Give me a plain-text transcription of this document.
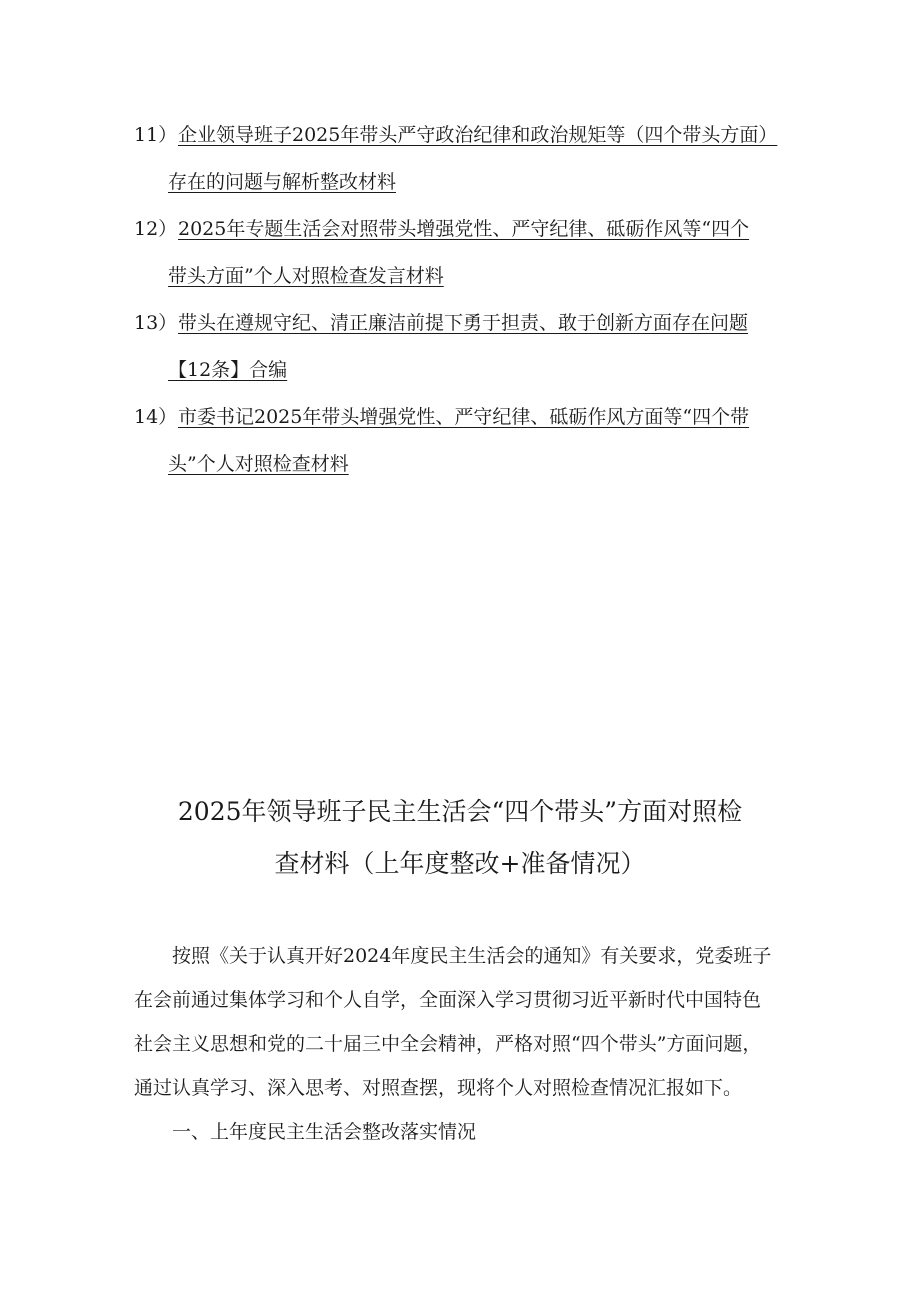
11）企业领导班子2025年带头严守政治纪律和政治规矩等（四个带头方面）
存在的问题与解析整改材料
12）2025年专题生活会对照带头增强党性、严守纪律、砥砺作风等“四个
带头方面”个人对照检查发言材料
13）带头在遵规守纪、清正廉洁前提下勇于担责、敢于创新方面存在问题
【12条】合编
14）市委书记2025年带头增强党性、严守纪律、砥砺作风方面等“四个带
头”个人对照检查材料
2025年领导班子民主生活会“四个带头”方面对照检
查材料（上年度整改+准备情况）
按照《关于认真开好2024年度民主生活会的通知》有关要求，党委班子
在会前通过集体学习和个人自学，全面深入学习贯彻习近平新时代中国特色
社会主义思想和党的二十届三中全会精神，严格对照“四个带头”方面问题，
通过认真学习、深入思考、对照查摆，现将个人对照检查情况汇报如下。
一、上年度民主生活会整改落实情况
